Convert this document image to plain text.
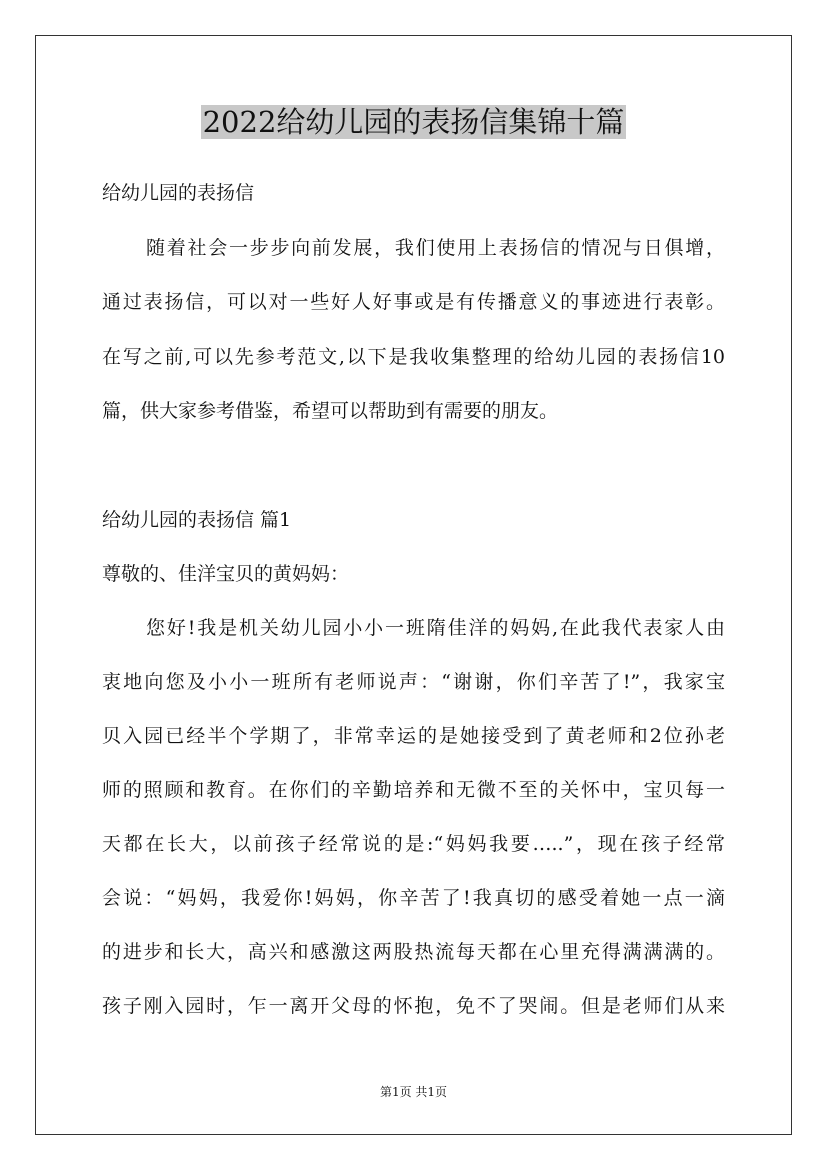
2022给幼儿园的表扬信集锦十篇
给幼儿园的表扬信
随着社会一步步向前发展，我们使用上表扬信的情况与日俱增，
通过表扬信，可以对一些好人好事或是有传播意义的事迹进行表彰。
在写之前,可以先参考范文,以下是我收集整理的给幼儿园的表扬信10
篇，供大家参考借鉴，希望可以帮助到有需要的朋友。
给幼儿园的表扬信 篇1
尊敬的、佳洋宝贝的黄妈妈：
您好!我是机关幼儿园小小一班隋佳洋的妈妈,在此我代表家人由
衷地向您及小小一班所有老师说声：“谢谢，你们辛苦了!”，我家宝
贝入园已经半个学期了，非常幸运的是她接受到了黄老师和2位孙老
师的照顾和教育。在你们的辛勤培养和无微不至的关怀中，宝贝每一
天都在长大，以前孩子经常说的是:“妈妈我要…..”，现在孩子经常
会说：“妈妈，我爱你!妈妈，你辛苦了!我真切的感受着她一点一滴
的进步和长大，高兴和感激这两股热流每天都在心里充得满满满的。
孩子刚入园时，乍一离开父母的怀抱，免不了哭闹。但是老师们从来
第1页 共1页
